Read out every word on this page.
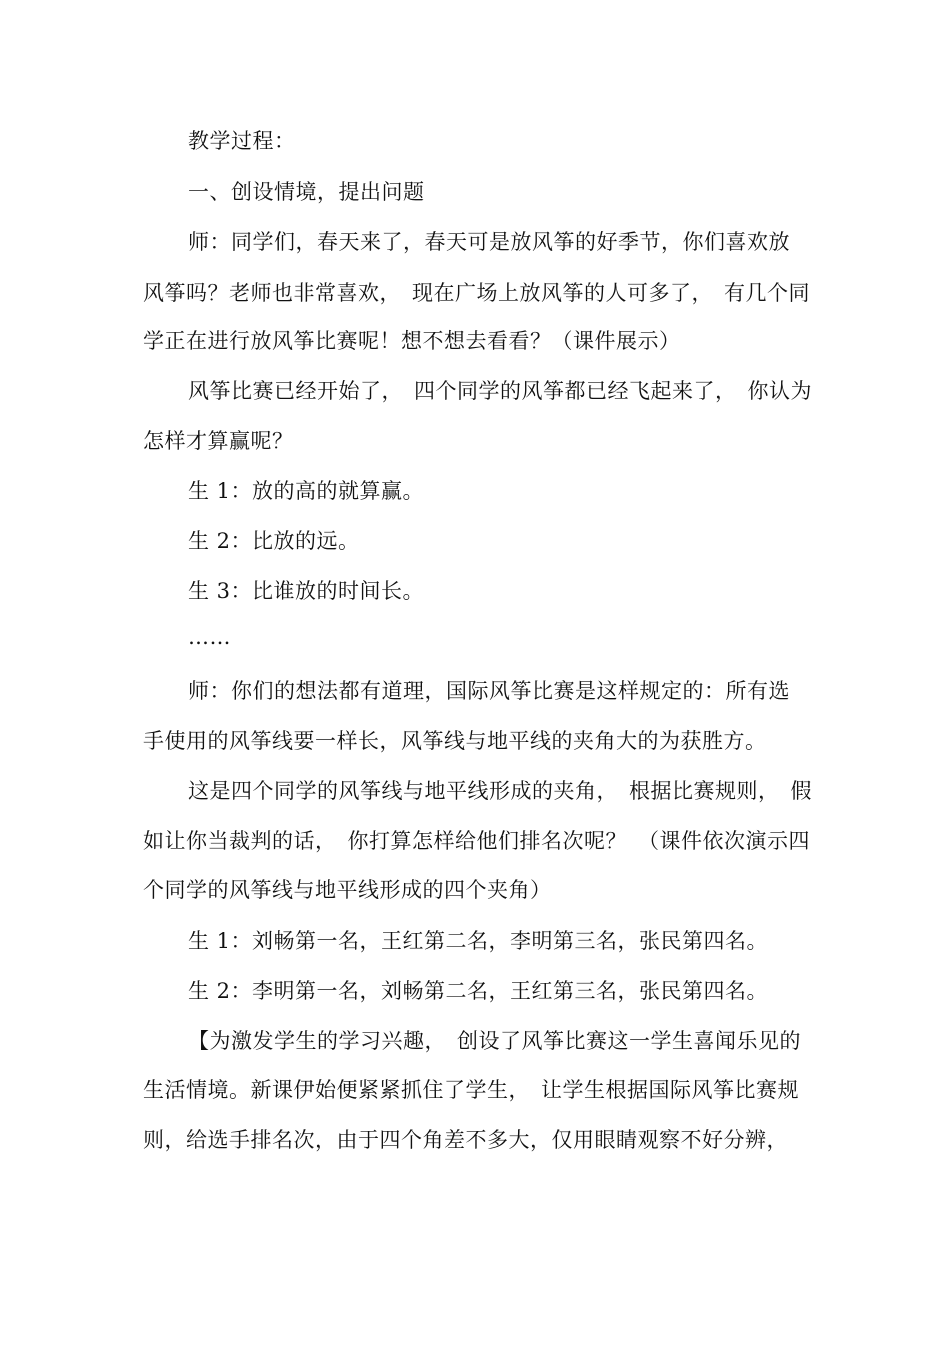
教学过程：
一、创设情境，提出问题
师：同学们，春天来了，春天可是放风筝的好季节，你们喜欢放
风筝吗？老师也非常喜欢，　现在广场上放风筝的人可多了，　有几个同
学正在进行放风筝比赛呢！想不想去看看？（课件展示）
风筝比赛已经开始了，　四个同学的风筝都已经飞起来了，　你认为
怎样才算赢呢？
生 1：放的高的就算赢。
生 2：比放的远。
生 3：比谁放的时间长。
……
师：你们的想法都有道理，国际风筝比赛是这样规定的：所有选
手使用的风筝线要一样长，风筝线与地平线的夹角大的为获胜方。
这是四个同学的风筝线与地平线形成的夹角，　根据比赛规则，　假
如让你当裁判的话，　你打算怎样给他们排名次呢？　（课件依次演示四
个同学的风筝线与地平线形成的四个夹角）
生 1：刘畅第一名，王红第二名，李明第三名，张民第四名。
生 2：李明第一名，刘畅第二名，王红第三名，张民第四名。
【为激发学生的学习兴趣，　创设了风筝比赛这一学生喜闻乐见的
生活情境。新课伊始便紧紧抓住了学生，　让学生根据国际风筝比赛规
则，给选手排名次，由于四个角差不多大，仅用眼睛观察不好分辨，
